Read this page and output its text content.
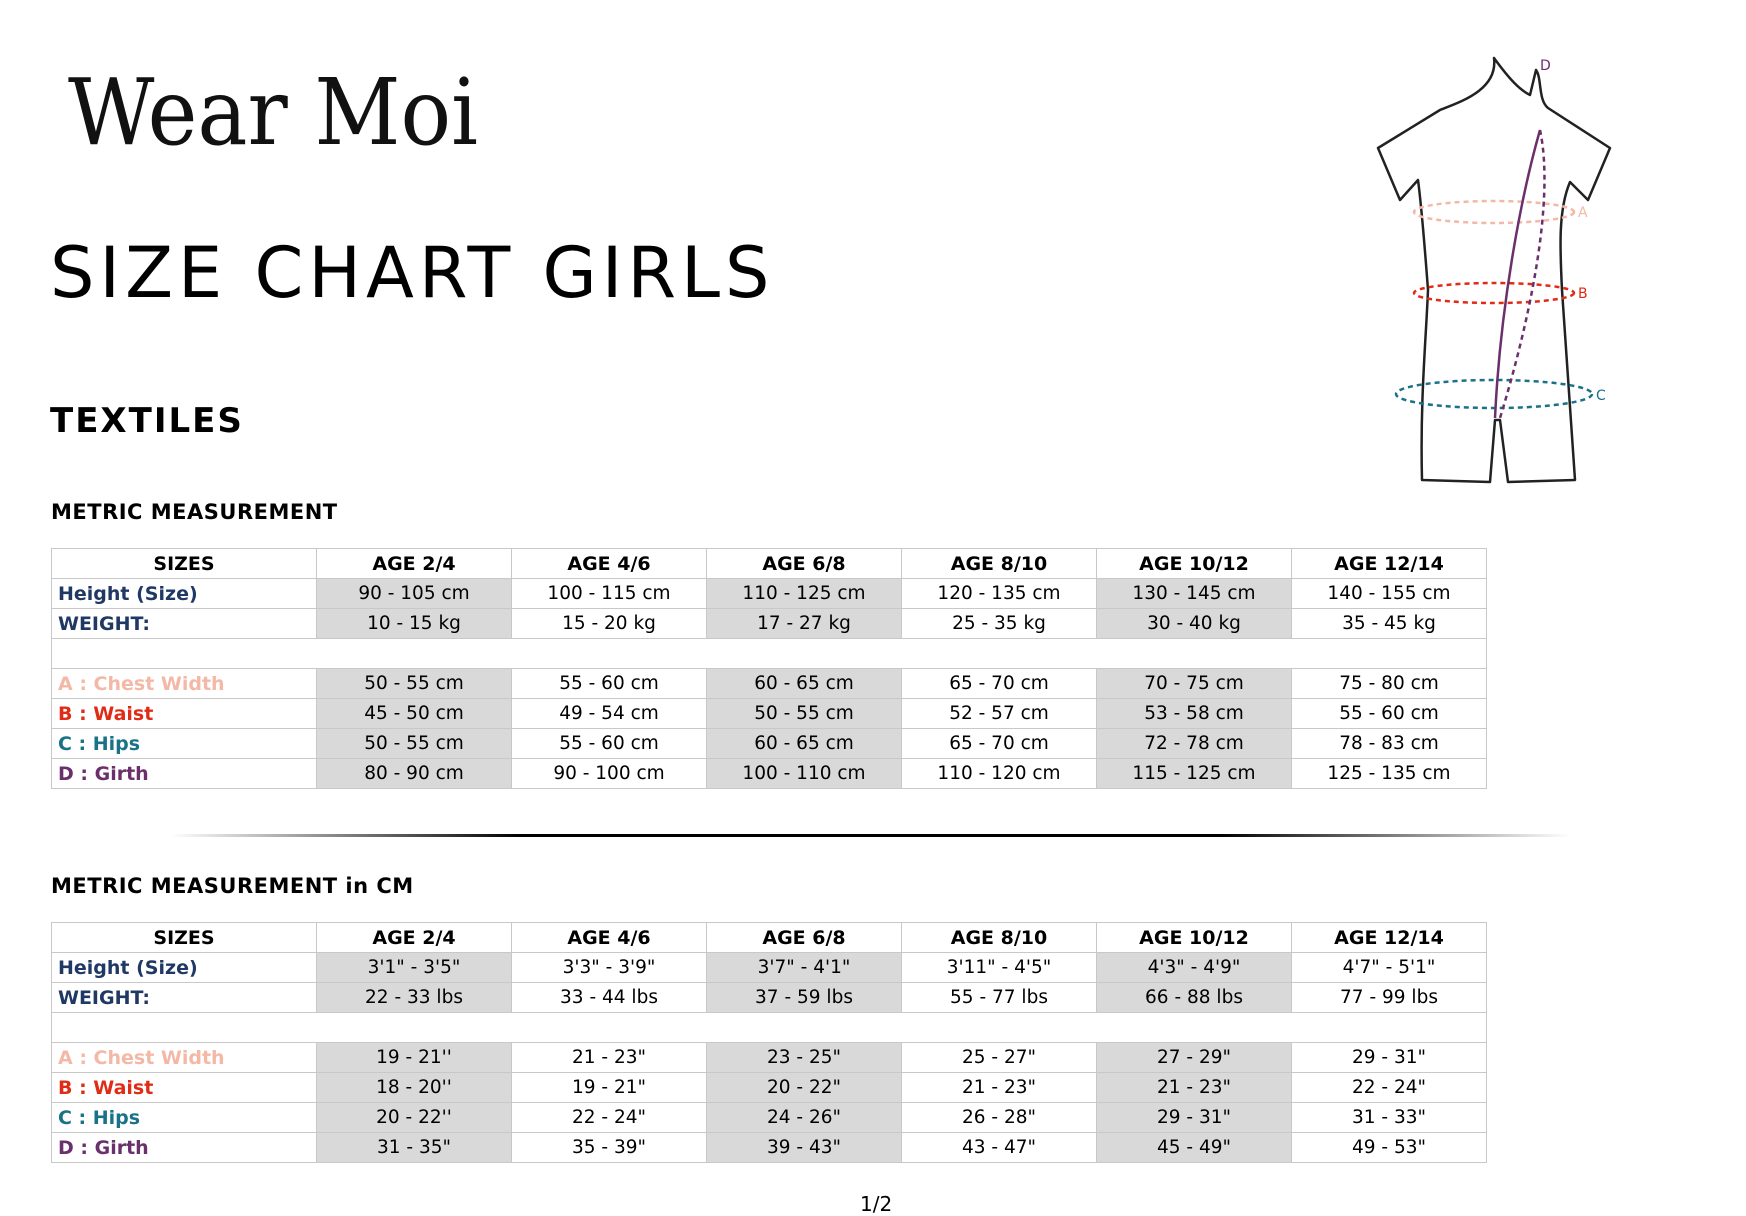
Wear Moi
SIZE CHART GIRLS
TEXTILES
A
B
C
D
METRIC MEASUREMENT
SIZES	AGE 2/4	AGE 4/6	AGE 6/8	AGE 8/10	AGE 10/12	AGE 12/14
Height (Size)	90 - 105 cm	100 - 115 cm	110 - 125 cm	120 - 135 cm	130 - 145 cm	140 - 155 cm
WEIGHT:	10 - 15 kg	15 - 20 kg	17 - 27 kg	25 - 35 kg	30 - 40 kg	35 - 45 kg

A : Chest Width	50 - 55 cm	55 - 60 cm	60 - 65 cm	65 - 70 cm	70 - 75 cm	75 - 80 cm
B : Waist	45 - 50 cm	49 - 54 cm	50 - 55 cm	52 - 57 cm	53 - 58 cm	55 - 60 cm
C : Hips	50 - 55 cm	55 - 60 cm	60 - 65 cm	65 - 70 cm	72 - 78 cm	78 - 83 cm
D : Girth	80 - 90 cm	90 - 100 cm	100 - 110 cm	110 - 120 cm	115 - 125 cm	125 - 135 cm
METRIC MEASUREMENT in CM
SIZES	AGE 2/4	AGE 4/6	AGE 6/8	AGE 8/10	AGE 10/12	AGE 12/14
Height (Size)	3'1" - 3'5"	3'3" - 3'9"	3'7" - 4'1"	3'11" - 4'5"	4'3" - 4'9"	4'7" - 5'1"
WEIGHT:	22 - 33 lbs	33 - 44 lbs	37 - 59 lbs	55 - 77 lbs	66 - 88 lbs	77 - 99 lbs

A : Chest Width	19 - 21''	21 - 23"	23 - 25"	25 - 27"	27 - 29"	29 - 31"
B : Waist	18 - 20''	19 - 21"	20 - 22"	21 - 23"	21 - 23"	22 - 24"
C : Hips	20 - 22''	22 - 24"	24 - 26"	26 - 28"	29 - 31"	31 - 33"
D : Girth	31 - 35"	35 - 39"	39 - 43"	43 - 47"	45 - 49"	49 - 53"
1/2
